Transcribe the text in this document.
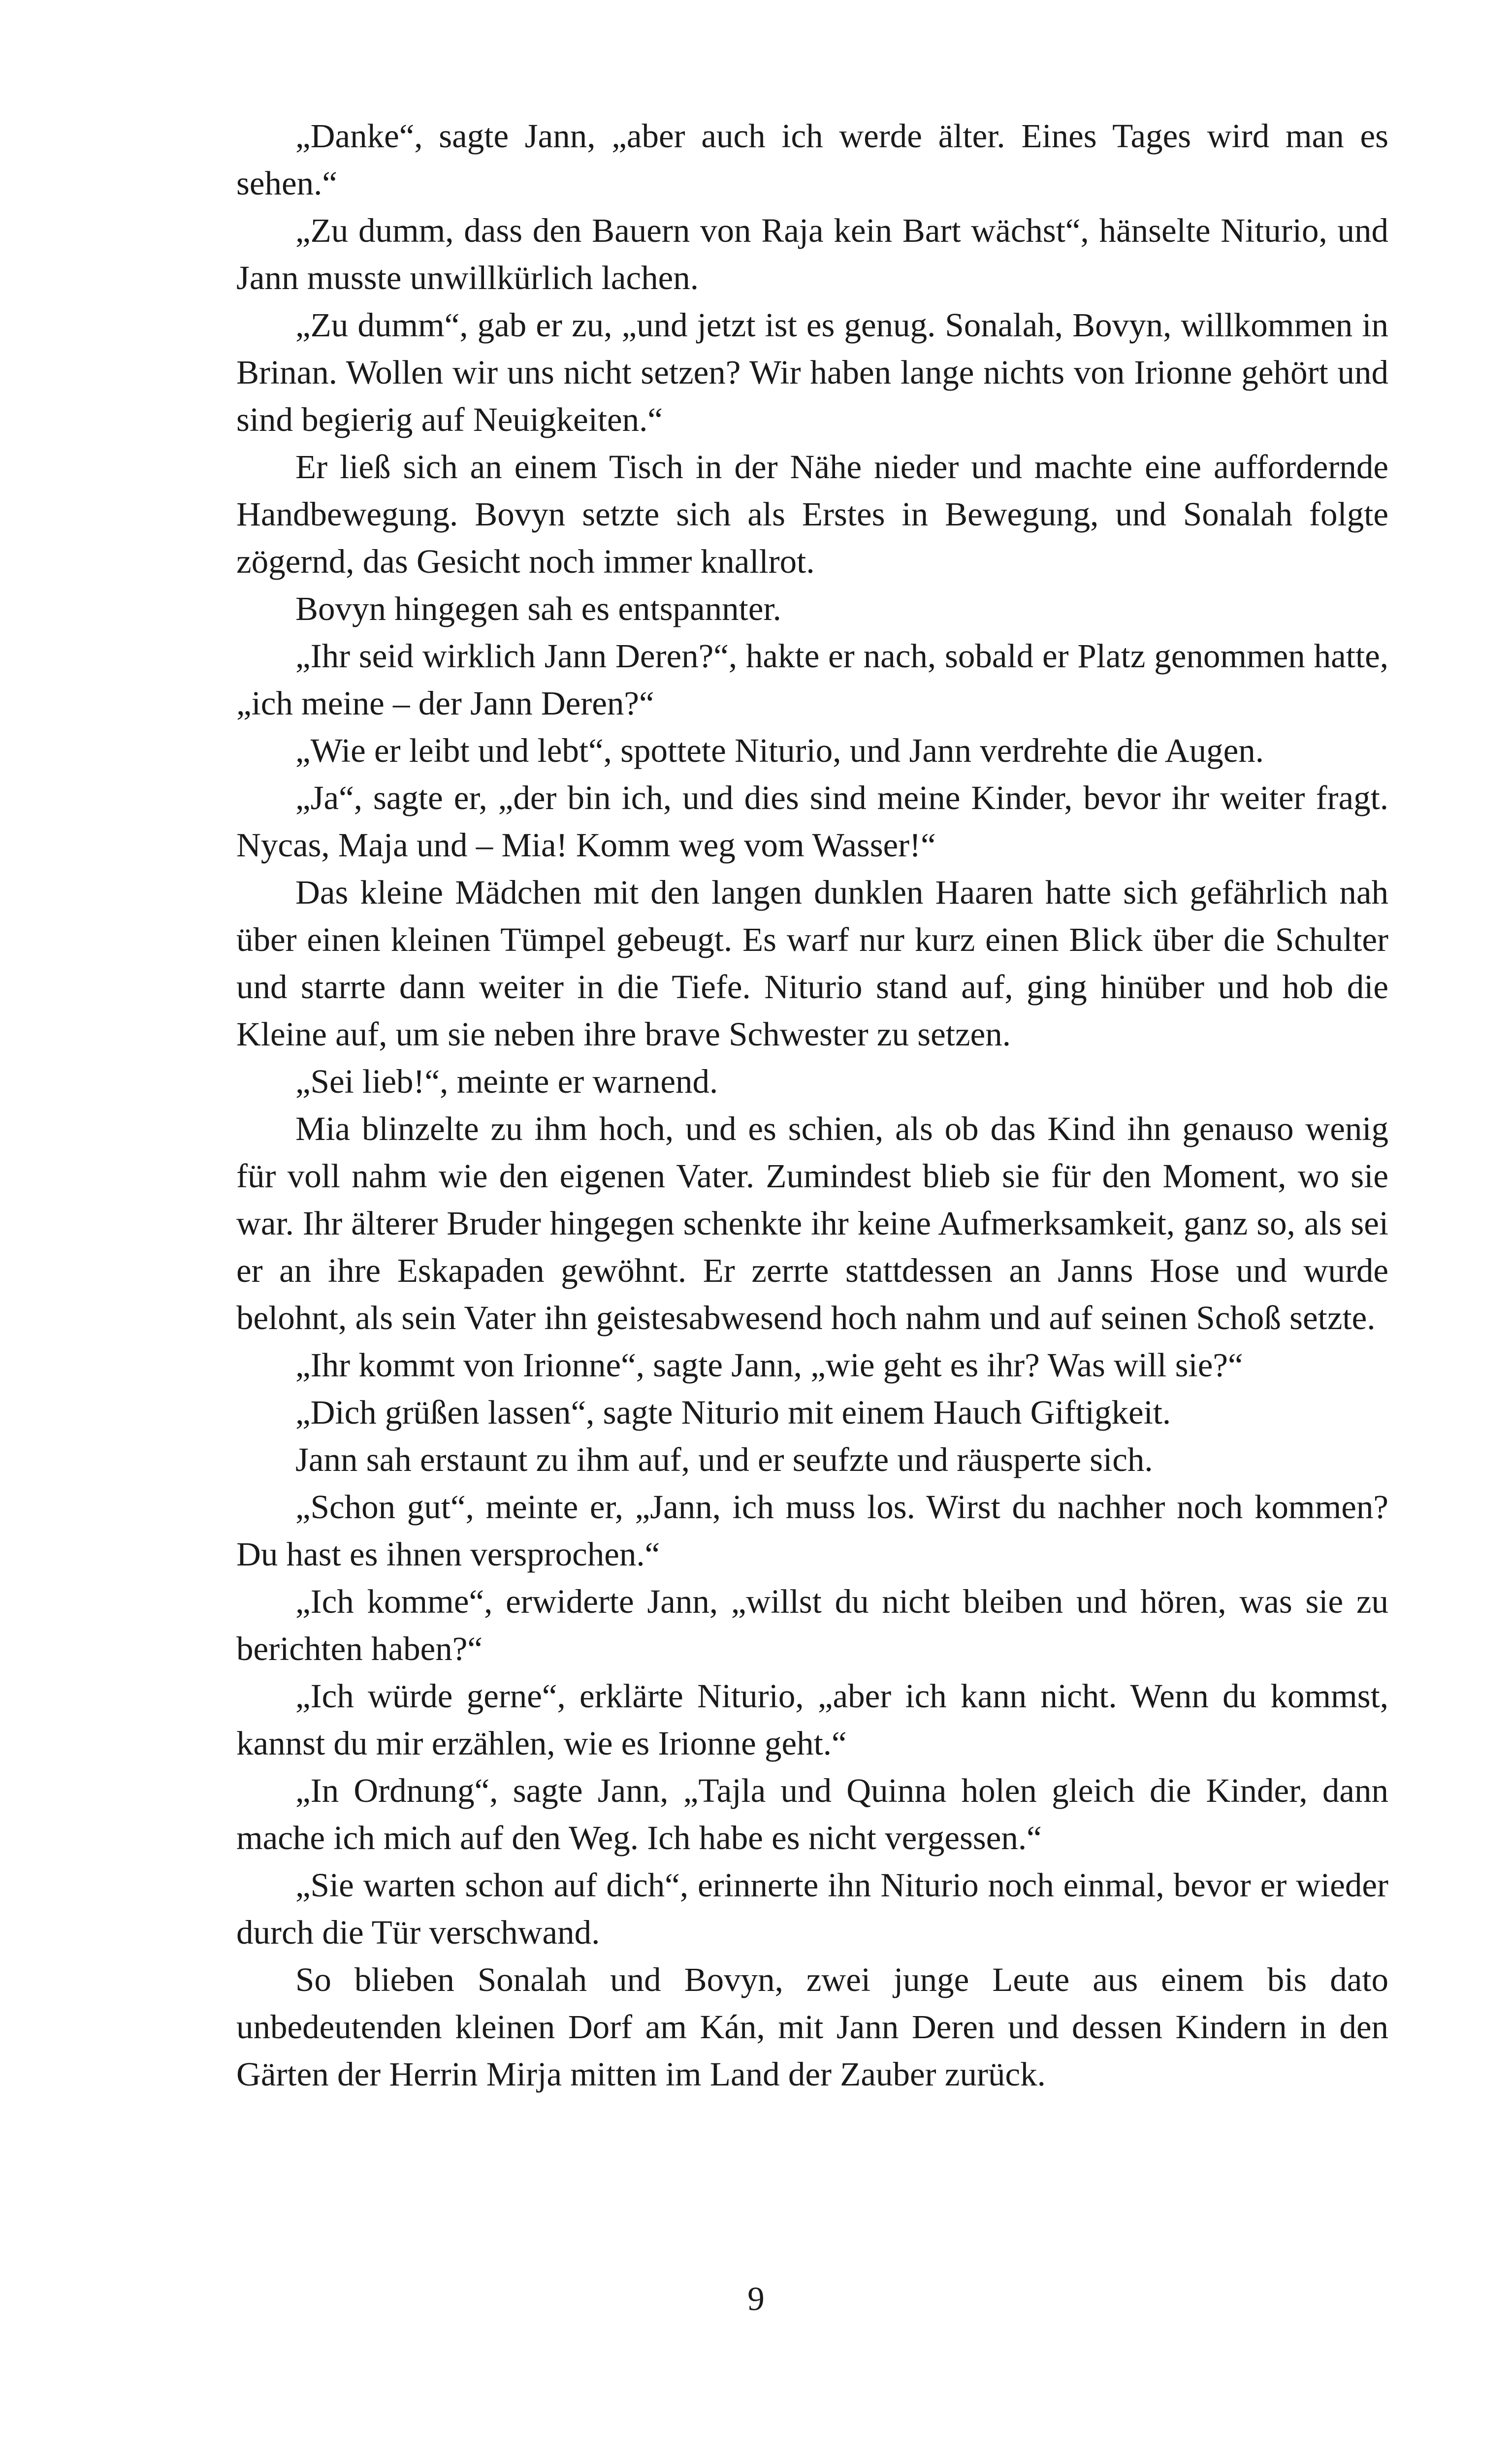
„Danke“, sagte Jann, „aber auch ich werde älter. Eines Tages wird man es sehen.“

„Zu dumm, dass den Bauern von Raja kein Bart wächst“, hänselte Niturio, und Jann musste unwillkürlich lachen.

„Zu dumm“, gab er zu, „und jetzt ist es genug. Sonalah, Bovyn, willkommen in Brinan. Wollen wir uns nicht setzen? Wir haben lange nichts von Irionne gehört und sind begierig auf Neuigkeiten.“

Er ließ sich an einem Tisch in der Nähe nieder und machte eine auffordernde Handbewegung. Bovyn setzte sich als Erstes in Bewegung, und Sonalah folgte zögernd, das Gesicht noch immer knallrot.

Bovyn hingegen sah es entspannter.

„Ihr seid wirklich Jann Deren?“, hakte er nach, sobald er Platz genommen hatte, „ich meine – der Jann Deren?“

„Wie er leibt und lebt“, spottete Niturio, und Jann verdrehte die Augen.

„Ja“, sagte er, „der bin ich, und dies sind meine Kinder, bevor ihr weiter fragt. Nycas, Maja und – Mia! Komm weg vom Wasser!“

Das kleine Mädchen mit den langen dunklen Haaren hatte sich gefährlich nah über einen kleinen Tümpel gebeugt. Es warf nur kurz einen Blick über die Schulter und starrte dann weiter in die Tiefe. Niturio stand auf, ging hinüber und hob die Kleine auf, um sie neben ihre brave Schwester zu setzen.

„Sei lieb!“, meinte er warnend.

Mia blinzelte zu ihm hoch, und es schien, als ob das Kind ihn genauso wenig für voll nahm wie den eigenen Vater. Zumindest blieb sie für den Moment, wo sie war. Ihr älterer Bruder hingegen schenkte ihr keine Aufmerksamkeit, ganz so, als sei er an ihre Eskapaden gewöhnt. Er zerrte stattdessen an Janns Hose und wurde belohnt, als sein Vater ihn geistesabwesend hoch nahm und auf seinen Schoß setzte.

„Ihr kommt von Irionne“, sagte Jann, „wie geht es ihr? Was will sie?“

„Dich grüßen lassen“, sagte Niturio mit einem Hauch Giftigkeit.

Jann sah erstaunt zu ihm auf, und er seufzte und räusperte sich.

„Schon gut“, meinte er, „Jann, ich muss los. Wirst du nachher noch kommen? Du hast es ihnen versprochen.“

„Ich komme“, erwiderte Jann, „willst du nicht bleiben und hören, was sie zu berichten haben?“

„Ich würde gerne“, erklärte Niturio, „aber ich kann nicht. Wenn du kommst, kannst du mir erzählen, wie es Irionne geht.“

„In Ordnung“, sagte Jann, „Tajla und Quinna holen gleich die Kinder, dann mache ich mich auf den Weg. Ich habe es nicht vergessen.“

„Sie warten schon auf dich“, erinnerte ihn Niturio noch einmal, bevor er wieder durch die Tür verschwand.

So blieben Sonalah und Bovyn, zwei junge Leute aus einem bis dato unbedeutenden kleinen Dorf am Kán, mit Jann Deren und dessen Kindern in den Gärten der Herrin Mirja mitten im Land der Zauber zurück.

9
